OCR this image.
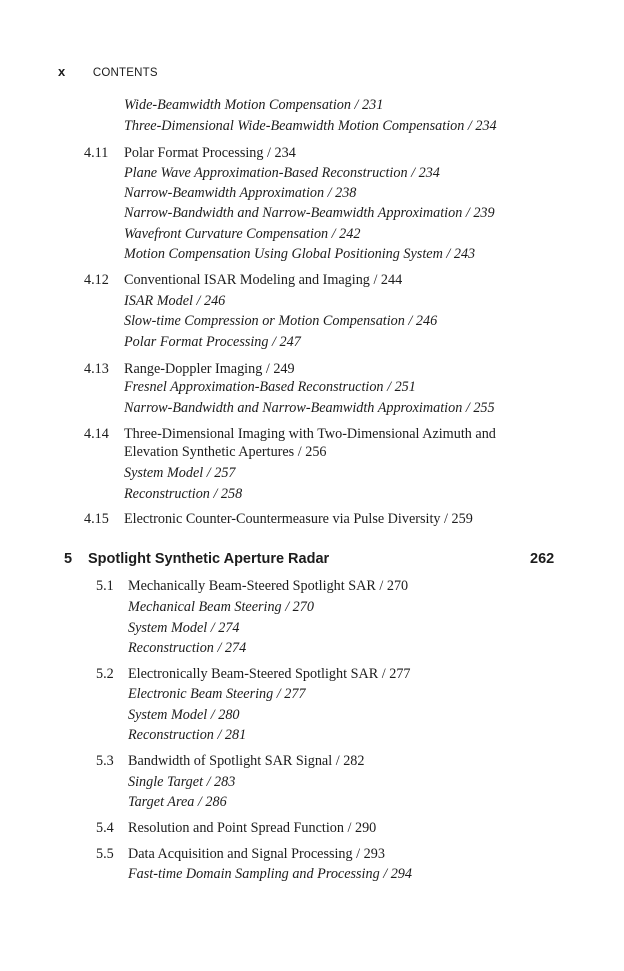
x CONTENTS
Wide-Beamwidth Motion Compensation / 231
Three-Dimensional Wide-Beamwidth Motion Compensation / 234
4.11 Polar Format Processing / 234
Plane Wave Approximation-Based Reconstruction / 234
Narrow-Beamwidth Approximation / 238
Narrow-Bandwidth and Narrow-Beamwidth Approximation / 239
Wavefront Curvature Compensation / 242
Motion Compensation Using Global Positioning System / 243
4.12 Conventional ISAR Modeling and Imaging / 244
ISAR Model / 246
Slow-time Compression or Motion Compensation / 246
Polar Format Processing / 247
4.13 Range-Doppler Imaging / 249
Fresnel Approximation-Based Reconstruction / 251
Narrow-Bandwidth and Narrow-Beamwidth Approximation / 255
4.14 Three-Dimensional Imaging with Two-Dimensional Azimuth and
Elevation Synthetic Apertures / 256
System Model / 257
Reconstruction / 258
4.15 Electronic Counter-Countermeasure via Pulse Diversity / 259
5 Spotlight Synthetic Aperture Radar	262
5.1 Mechanically Beam-Steered Spotlight SAR / 270
Mechanical Beam Steering / 270
System Model / 274
Reconstruction / 274
5.2 Electronically Beam-Steered Spotlight SAR / 277
Electronic Beam Steering / 277
System Model / 280
Reconstruction / 281
5.3 Bandwidth of Spotlight SAR Signal / 282
Single Target / 283
Target Area / 286
5.4 Resolution and Point Spread Function / 290
5.5 Data Acquisition and Signal Processing / 293
Fast-time Domain Sampling and Processing / 294
